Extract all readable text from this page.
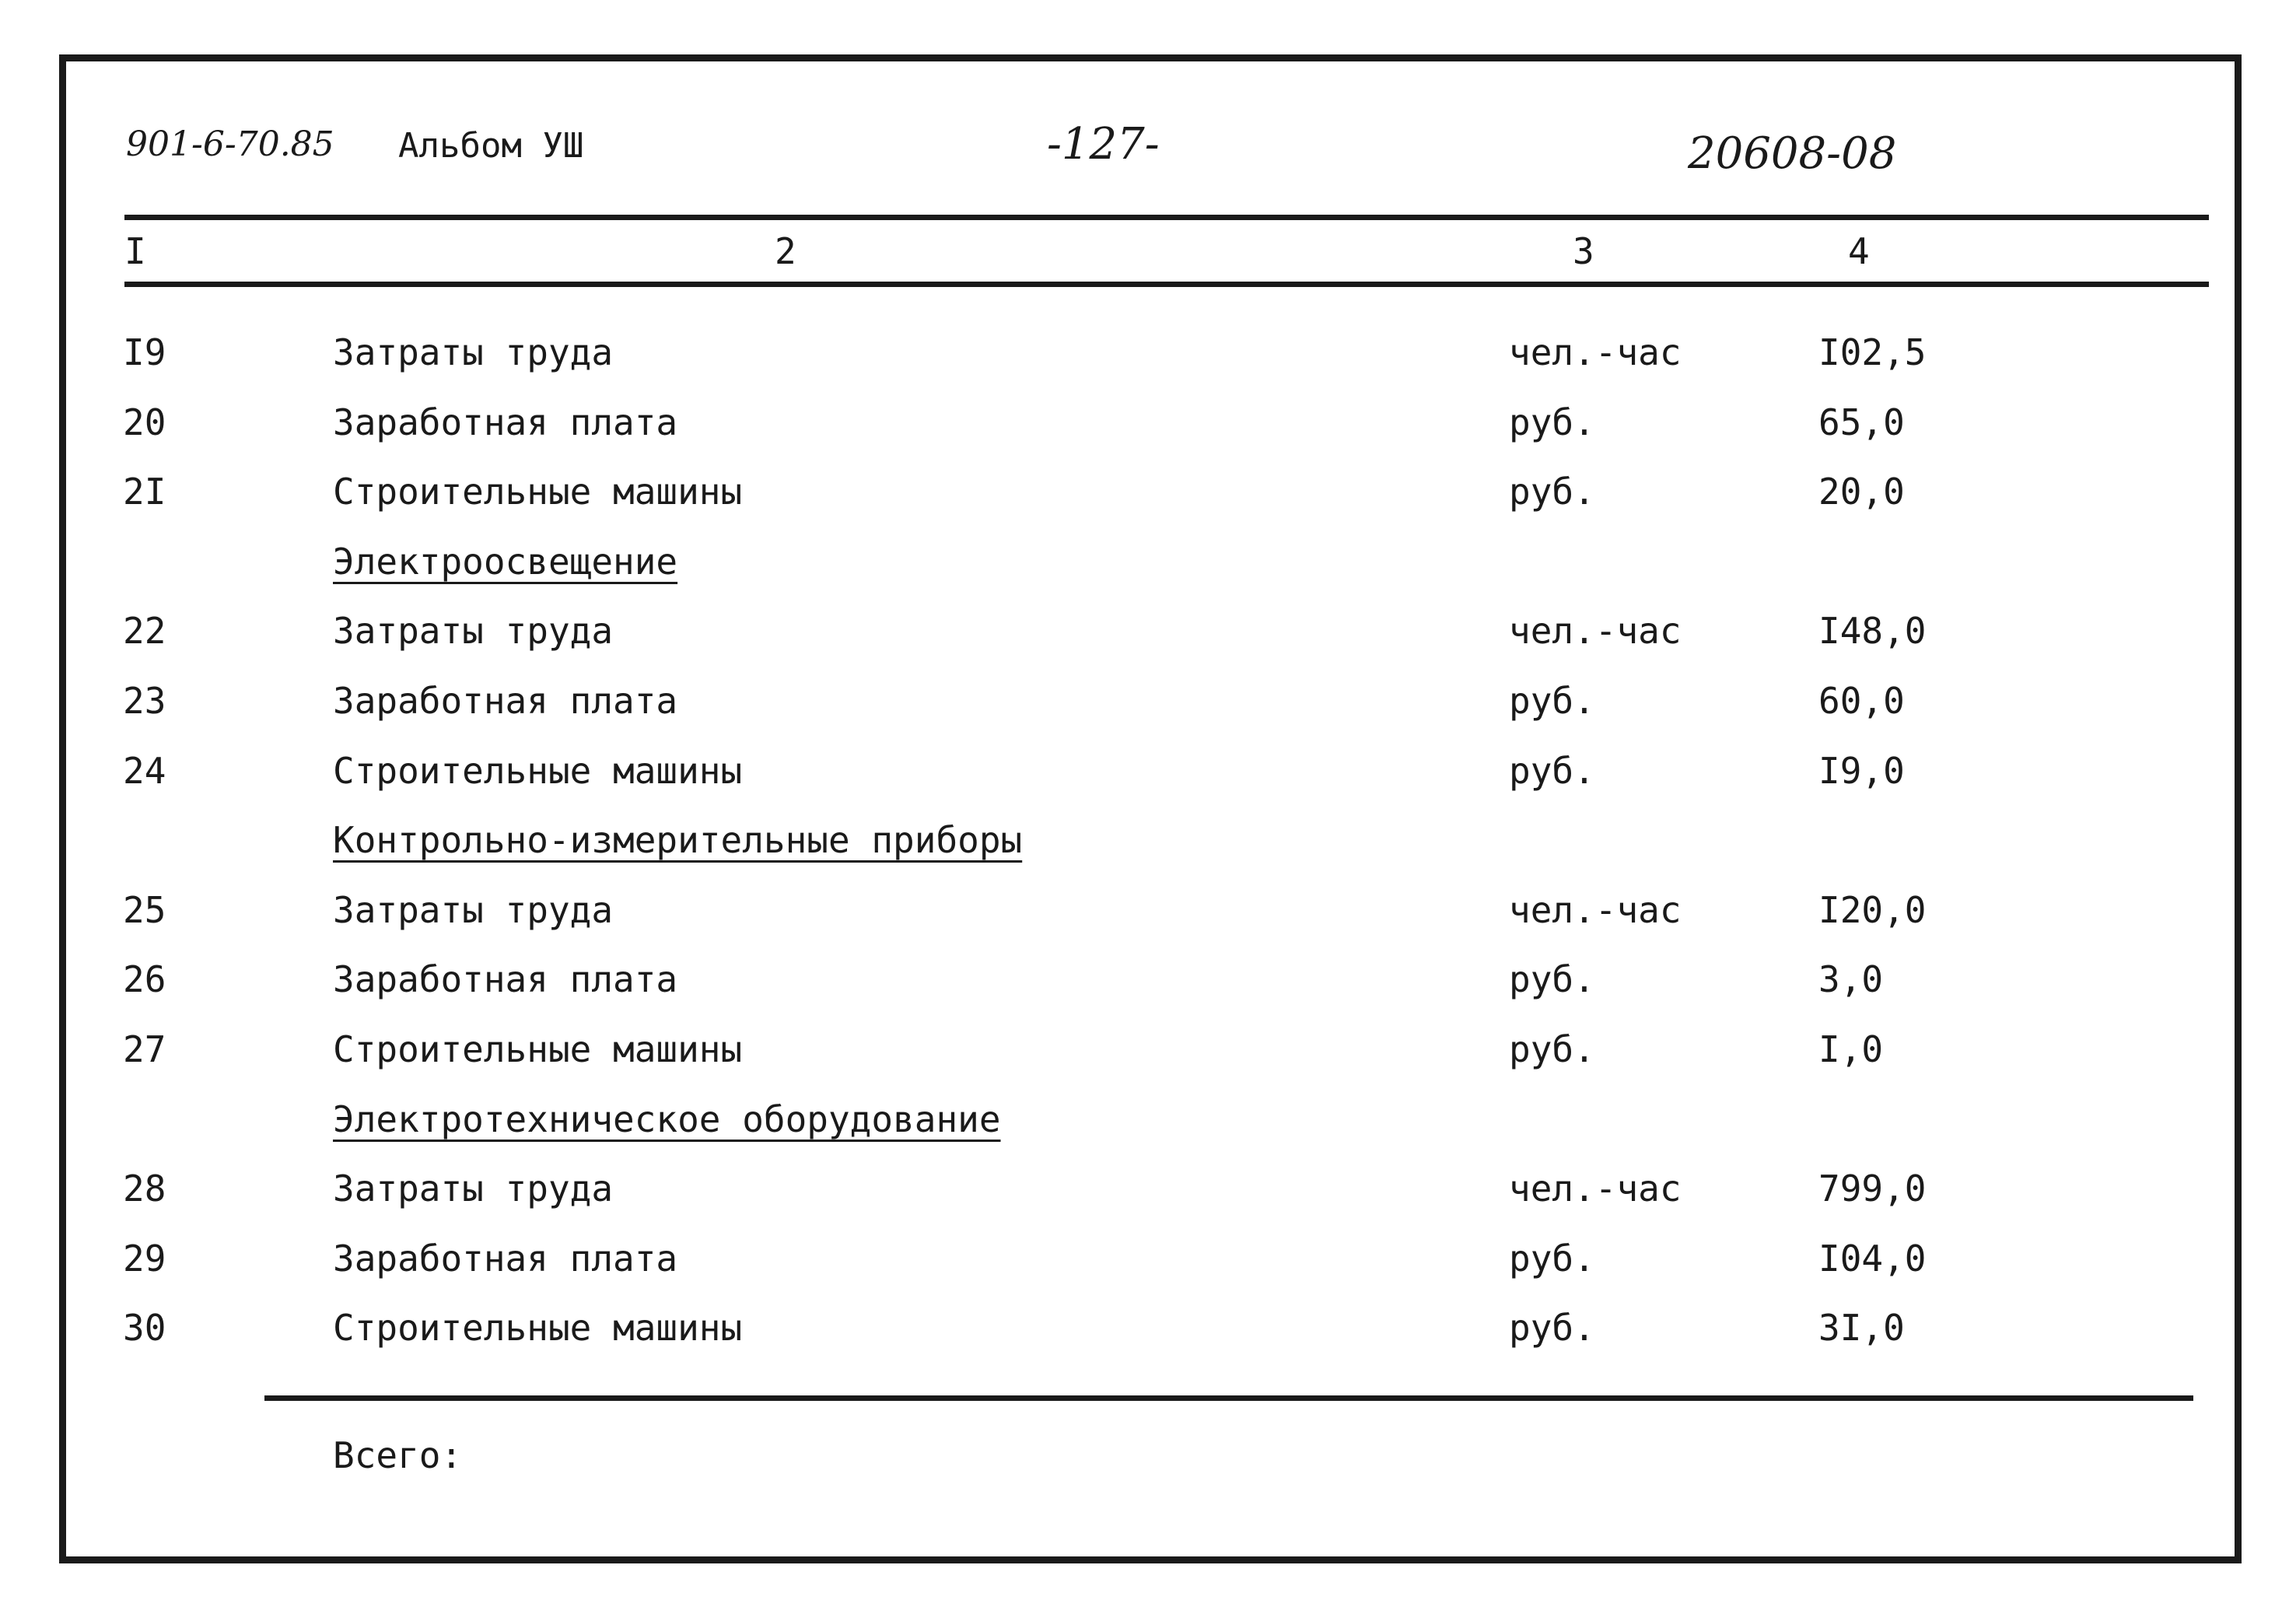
901-6-70.85 Альбом УШ	-127-	20608-08
I	2	3	4
I9	Затраты труда	чел.-час	I02,5
20	Заработная плата	руб.	65,0
2I	Строительные машины	руб.	20,0
Электроосвещение
22	Затраты труда	чел.-час	I48,0
23	Заработная плата	руб.	60,0
24	Строительные машины	руб.	I9,0
Контрольно-измерительные приборы
25	Затраты труда	чел.-час	I20,0
26	Заработная плата	руб.	3,0
27	Строительные машины	руб.	I,0
Электротехническое оборудование
28	Затраты труда	чел.-час	799,0
29	Заработная плата	руб.	I04,0
30	Строительные машины	руб.	3I,0
Всего:
